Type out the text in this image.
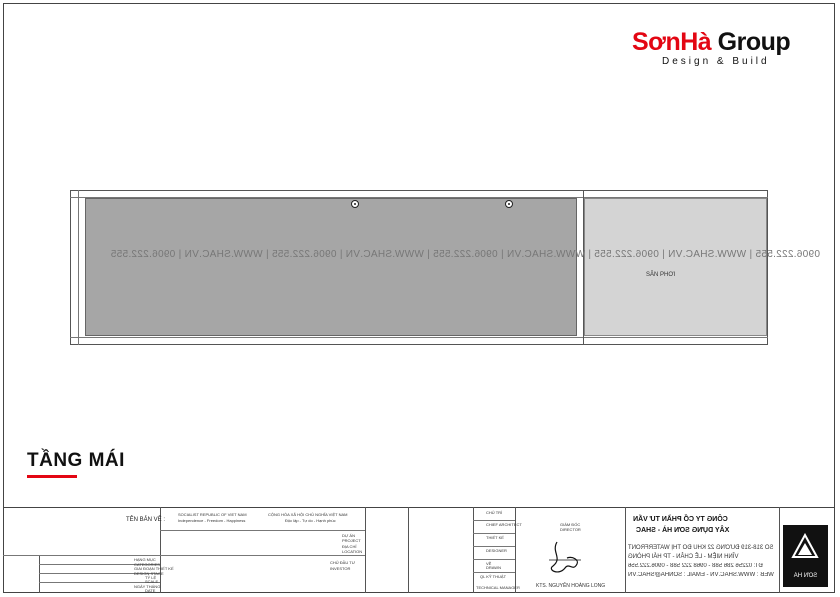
SơnHà Group
Design & Build
SÂN PHƠI
0906.222.555 | WWW.SHAC.VN | 0906.222.555 | WWW.SHAC.VN | 0906.222.555 | WWW.SHAC.VN | 0906.222.555 | WWW.SHAC.VN | 0906.222.555
TẦNG MÁI
TÊN BẢN VẼ :
HẠNG MỤC
CATEGORIES
GIAI ĐOẠN THIẾT KẾ
DESIGN STAGE
TỶ LỆ
SCALE
NGÀY THÁNG
DATE
CỘNG HÒA XÃ HỘI CHỦ NGHĨA VIỆT NAM
Độc lập - Tự do - Hạnh phúc
SOCIALIST REPUBLIC OF VIET NAM
Independence - Freedom - Happiness
DỰ ÁN
PROJECT
ĐỊA CHỈ
LOCATION
CHỦ ĐẦU TƯ
INVESTOR
CHỦ TRÌ
CHIEF ARCHITECT
THIẾT KẾ
DESIGNER
VẼ
DRAWN
QL KỸ THUẬT
TECHNICAL MANAGER
GIÁM ĐỐC
DIRECTOR
KTS. NGUYỄN HOÀNG LONG
CÔNG TY CỔ PHẦN TƯ VẤN
XÂY DỰNG SƠN HÀ - SHAC
SỐ 318-319 ĐƯỜNG 22 KHU ĐÔ THỊ WATERFRONT
VĨNH NIỆM - LÊ CHÂN - TP HẢI PHÒNG
ĐT: 02256 286 588 - 0968 222 588 - 0906.222.556
WEB : WWW.SHAC.VN - EMAIL : SONHA@SHAC.VN	SƠN HÀ
